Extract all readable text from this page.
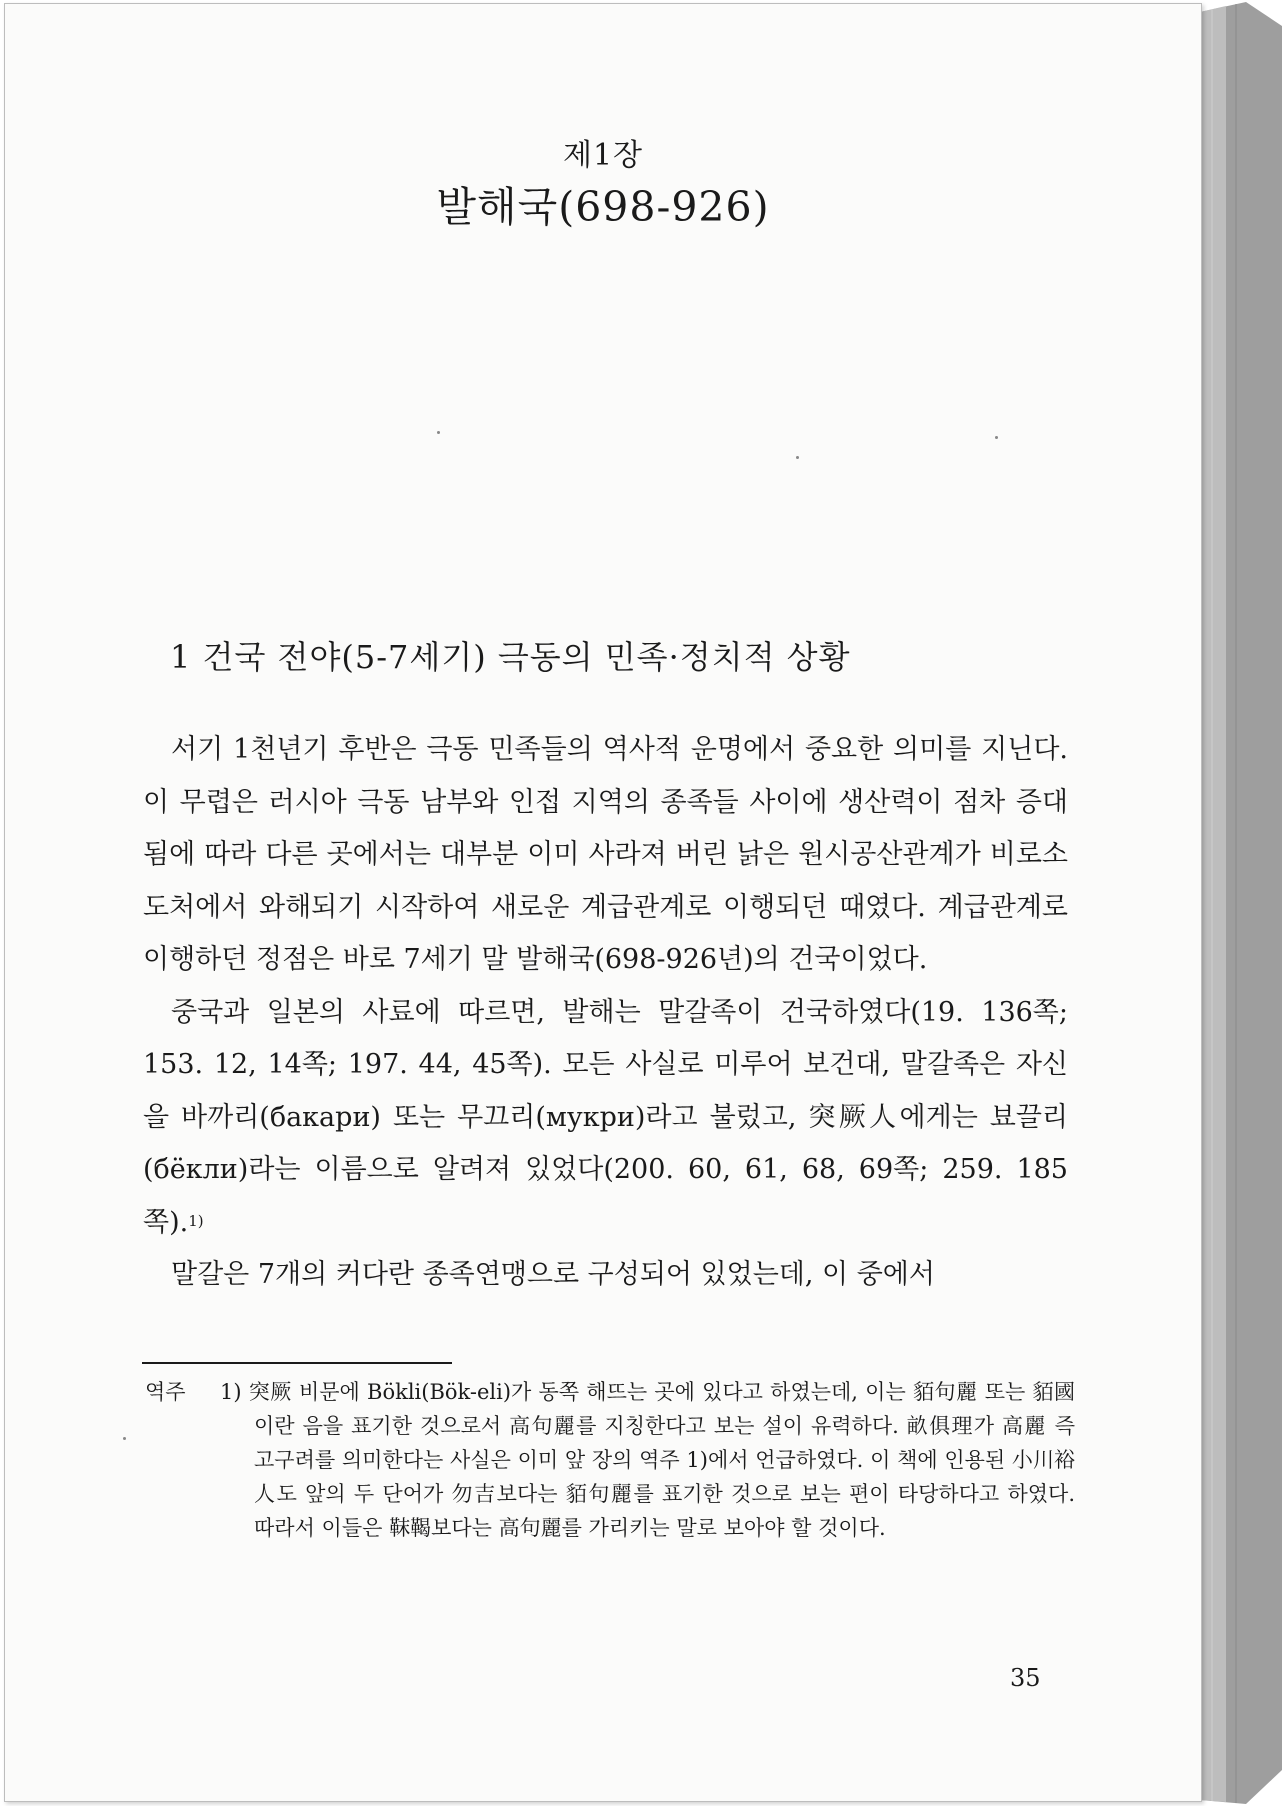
제1장
발해국(698-926)
1 건국 전야(5-7세기) 극동의 민족·정치적 상황

서기 1천년기 후반은 극동 민족들의 역사적 운명에서 중요한 의미를 지닌다. 이 무렵은 러시아 극동 남부와 인접 지역의 종족들 사이에 생산력이 점차 증대됨에 따라 다른 곳에서는 대부분 이미 사라져 버린 낡은 원시공산관계가 비로소 도처에서 와해되기 시작하여 새로운 계급관계로 이행되던 때였다. 계급관계로 이행하던 정점은 바로 7세기 말 발해국(698-926년)의 건국이었다.

중국과 일본의 사료에 따르면, 발해는 말갈족이 건국하였다(19. 136쪽; 153. 12, 14쪽; 197. 44, 45쪽). 모든 사실로 미루어 보건대, 말갈족은 자신을 바까리(бакари) 또는 무끄리(мукри)라고 불렀고, 突厥人에게는 뵤끌리(бёкли)라는 이름으로 알려져 있었다(200. 60, 61, 68, 69쪽; 259. 185쪽).$^{1)}$

말갈은 7개의 커다란 종족연맹으로 구성되어 있었는데, 이 중에서

역주 1) 突厥 비문에 Bökli(Bök-eli)가 동쪽 해뜨는 곳에 있다고 하였는데, 이는 貊句麗 또는 貊國이란 음을 표기한 것으로서 高句麗를 지칭한다고 보는 설이 유력하다. 畝俱理가 高麗 즉 고구려를 의미한다는 사실은 이미 앞 장의 역주 1)에서 언급하였다. 이 책에 인용된 小川裕人도 앞의 두 단어가 勿吉보다는 貊句麗를 표기한 것으로 보는 편이 타당하다고 하였다. 따라서 이들은 靺鞨보다는 高句麗를 가리키는 말로 보아야 할 것이다.
35
